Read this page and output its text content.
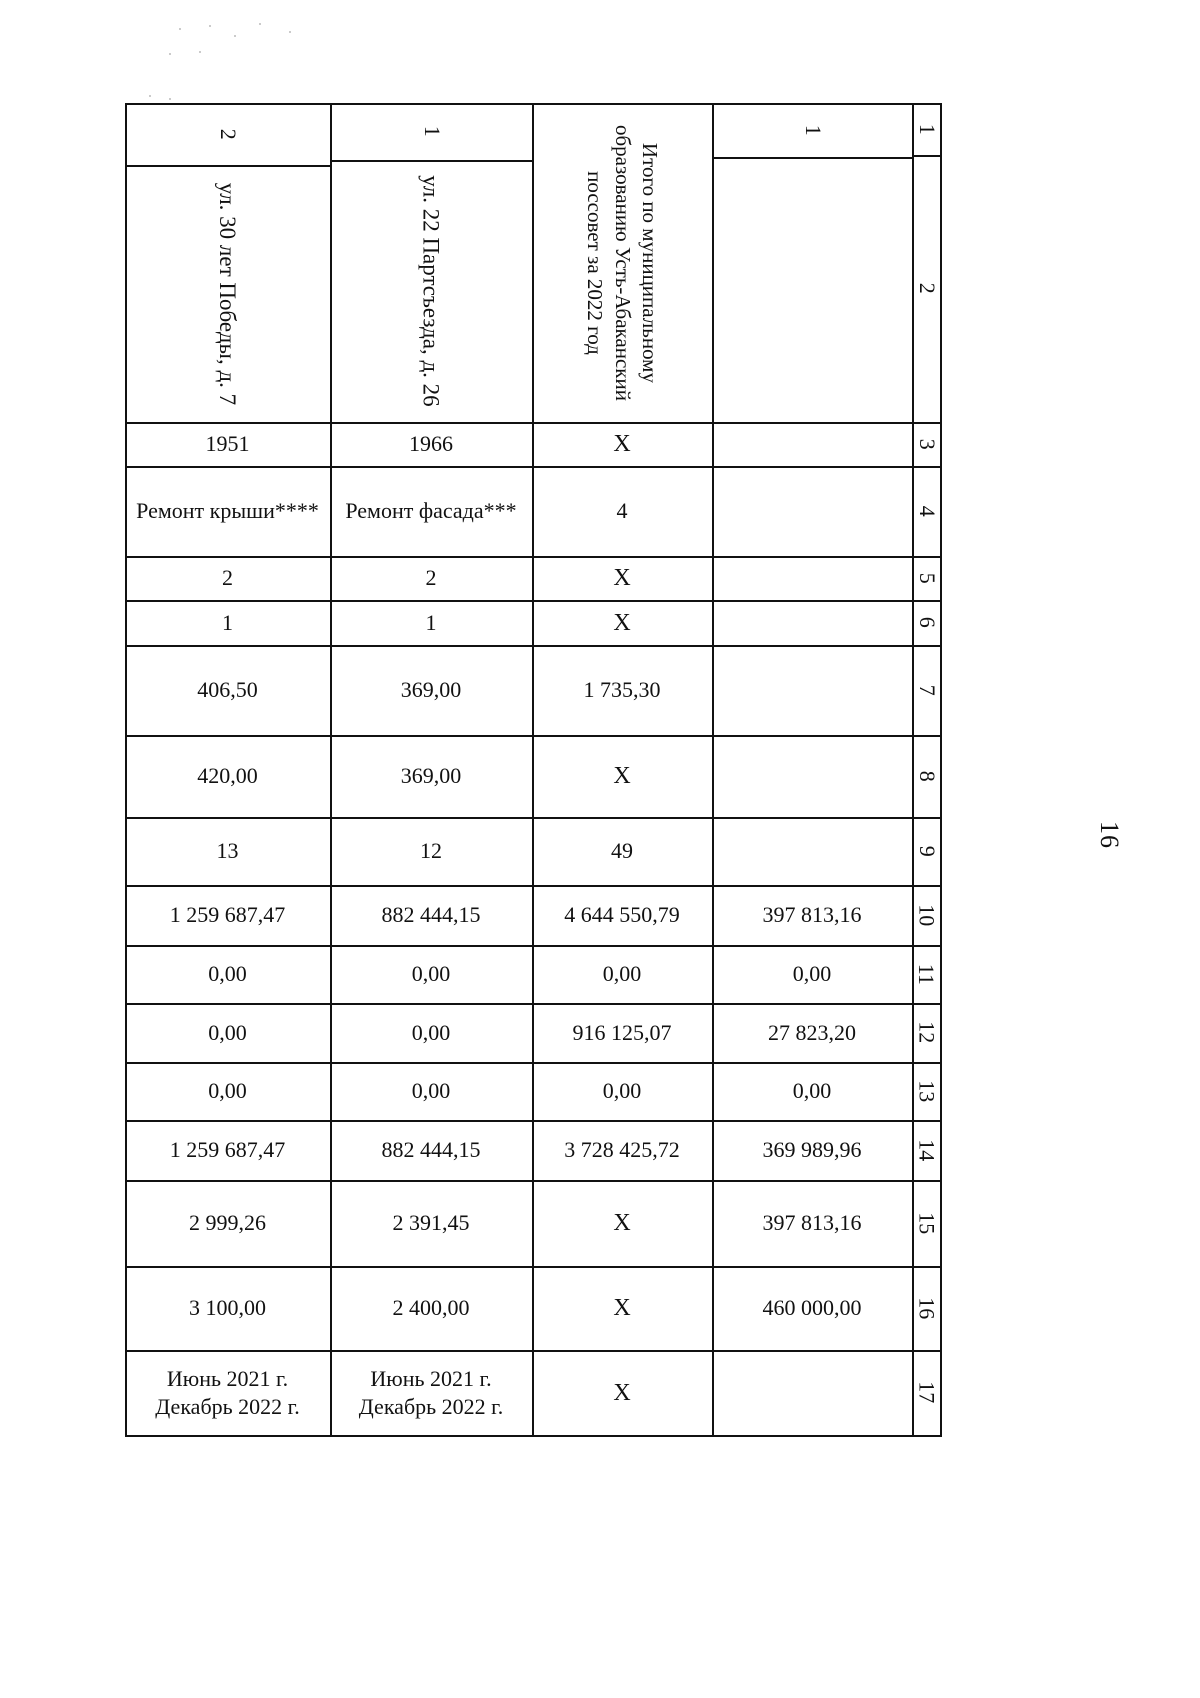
16
2
ул. 30 лет Победы, д. 7
1951
Ремонт крыши****
2
1
406,50
420,00
13
1 259 687,47
0,00
0,00
0,00
1 259 687,47
2 999,26
3 100,00
Июнь 2021 г.
Декабрь 2022 г.
1
ул. 22 Партсъезда, д. 26
1966
Ремонт фасада***
2
1
369,00
369,00
12
882 444,15
0,00
0,00
0,00
882 444,15
2 391,45
2 400,00
Июнь 2021 г.
Декабрь 2022 г.
Итого по муниципальному
образованию Усть-Абаканский
поссовет за 2022 год
Х
4
Х
Х
1 735,30
Х
49
4 644 550,79
0,00
916 125,07
0,00
3 728 425,72
Х
Х
Х
1
397 813,16
0,00
27 823,20
0,00
369 989,96
397 813,16
460 000,00
1
2
3
4
5
6
7
8
9
10
11
12
13
14
15
16
17
